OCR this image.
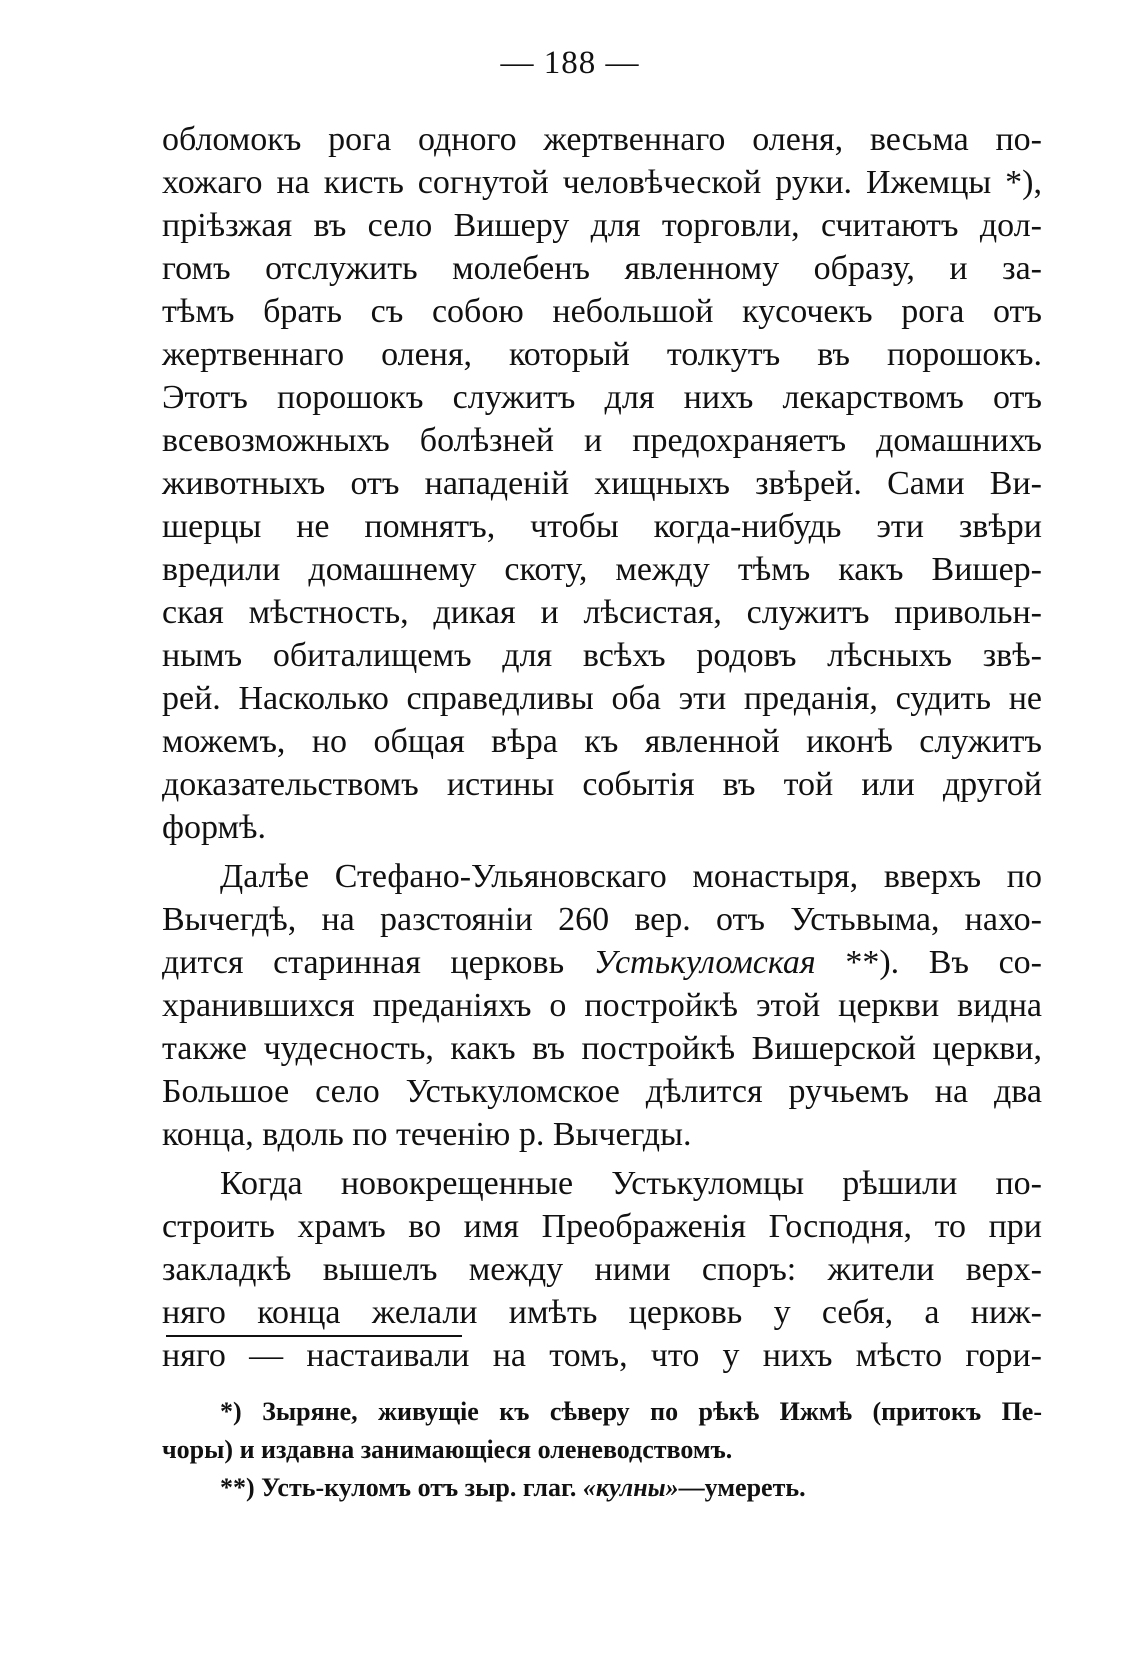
— 188 —
обломокъ рога одного жертвеннаго оленя, весьма по-
хожаго на кисть согнутой человѣческой руки. Ижемцы *),
пріѣзжая въ село Вишеру для торговли, считаютъ дол-
гомъ отслужить молебенъ явленному образу, и за-
тѣмъ брать съ собою небольшой кусочекъ рога отъ
жертвеннаго оленя, который толкутъ въ порошокъ.
Этотъ порошокъ служитъ для нихъ лекарствомъ отъ
всевозможныхъ болѣзней и предохраняетъ домашнихъ
животныхъ отъ нападеній хищныхъ звѣрей. Сами Ви-
шерцы не помнятъ, чтобы когда-нибудь эти звѣри
вредили домашнему скоту, между тѣмъ какъ Вишер-
ская мѣстность, дикая и лѣсистая, служитъ привольн-
нымъ обиталищемъ для всѣхъ родовъ лѣсныхъ звѣ-
рей. Насколько справедливы оба эти преданія, судить не
можемъ, но общая вѣра къ явленной иконѣ служитъ
доказательствомъ истины событія въ той или другой
формѣ.
Далѣе Стефано-Ульяновскаго монастыря, вверхъ по
Вычегдѣ, на разстояніи 260 вер. отъ Устьвыма, нахо-
дится старинная церковь Устькуломская **). Въ со-
хранившихся преданіяхъ о постройкѣ этой церкви видна
также чудесность, какъ въ постройкѣ Вишерской церкви,
Большое село Устькуломское дѣлится ручьемъ на два
конца, вдоль по теченію р. Вычегды.
Когда новокрещенные Устькуломцы рѣшили по-
строить храмъ во имя Преображенія Господня, то при
закладкѣ вышелъ между ними споръ: жители верх-
няго конца желали имѣть церковь у себя, а ниж-
няго — настаивали на томъ, что у нихъ мѣсто гори-
*) Зыряне, живущіе къ сѣверу по рѣкѣ Ижмѣ (притокъ Пе-
чоры) и издавна занимающіеся оленеводствомъ.
**) Усть-куломъ отъ зыр. глаг. «кулны»—умереть.
